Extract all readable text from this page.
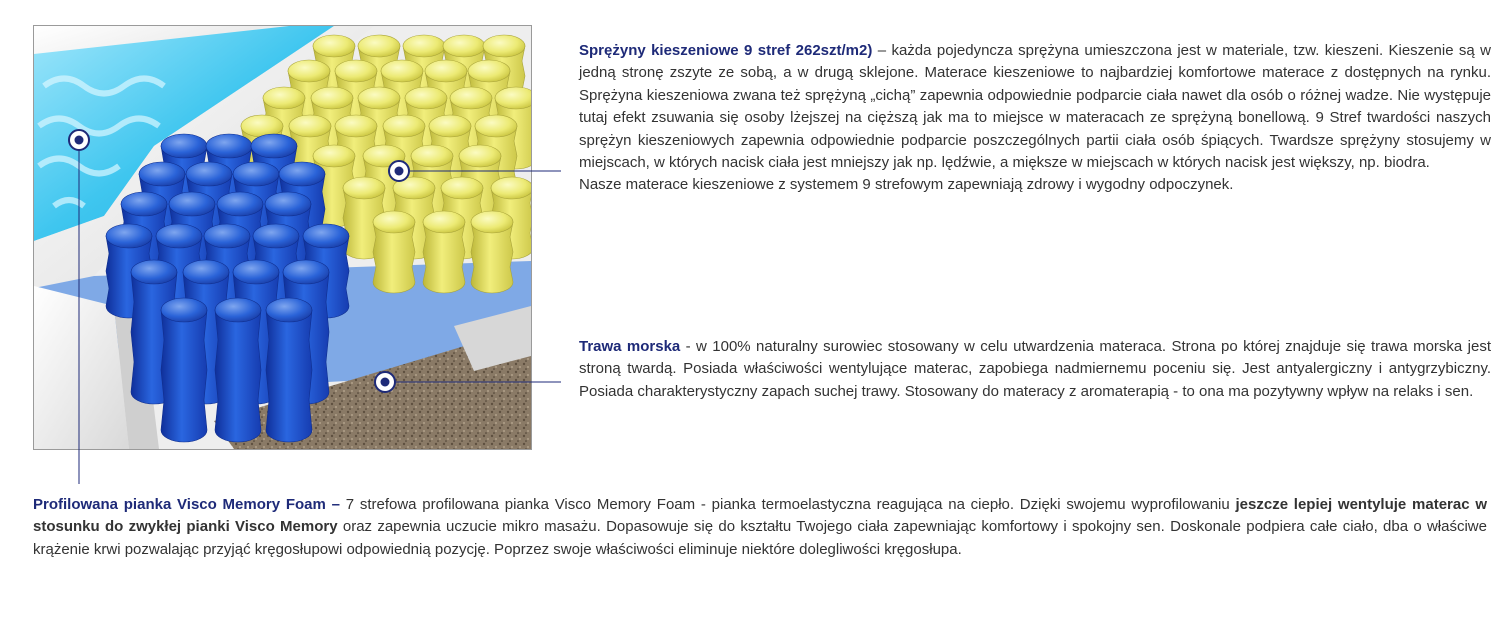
Sprężyny kieszeniowe 9 stref 262szt/m2) – każda pojedyncza sprężyna umieszczona jest w materiale, tzw. kieszeni. Kieszenie są w jedną stronę zszyte ze sobą, a w drugą sklejone. Materace kieszeniowe to najbardziej komfortowe materace z dostępnych na rynku. Sprężyna kieszeniowa zwana też sprężyną „cichą” zapewnia odpowiednie podparcie ciała nawet dla osób o różnej wadze. Nie występuje tutaj efekt zsuwania się osoby lżejszej na cięższą jak ma to miejsce w materacach ze sprężyną bonellową. 9 Stref twardości naszych sprężyn kieszeniowych zapewnia odpowiednie podparcie poszczególnych partii ciała osób śpiących. Twardsze sprężyny stosujemy w miejscach, w których nacisk ciała jest mniejszy jak np. lędźwie, a miększe w miejscach w których nacisk jest większy, np. biodra.

Nasze materace kieszeniowe z systemem 9 strefowym zapewniają zdrowy i wygodny odpoczynek.

Trawa morska - w 100% naturalny surowiec stosowany w celu utwardzenia materaca. Strona po której znajduje się trawa morska jest stroną twardą. Posiada właściwości wentylujące materac, zapobiega nadmiernemu poceniu się. Jest antyalergiczny i antygrzybiczny. Posiada charakterystyczny zapach suchej trawy. Stosowany do materacy z aromaterapią - to ona ma pozytywny wpływ na relaks i sen.

Profilowana pianka Visco Memory Foam – 7 strefowa profilowana pianka Visco Memory Foam - pianka termoelastyczna reagująca na ciepło. Dzięki swojemu wyprofilowaniu jeszcze lepiej wentyluje materac w stosunku do zwykłej pianki Visco Memory oraz zapewnia uczucie mikro masażu. Dopasowuje się do kształtu Twojego ciała zapewniając komfortowy i spokojny sen. Doskonale podpiera całe ciało, dba o właściwe krążenie krwi pozwalając przyjąć kręgosłupowi odpowiednią pozycję. Poprzez swoje właściwości eliminuje niektóre dolegliwości kręgosłupa.
